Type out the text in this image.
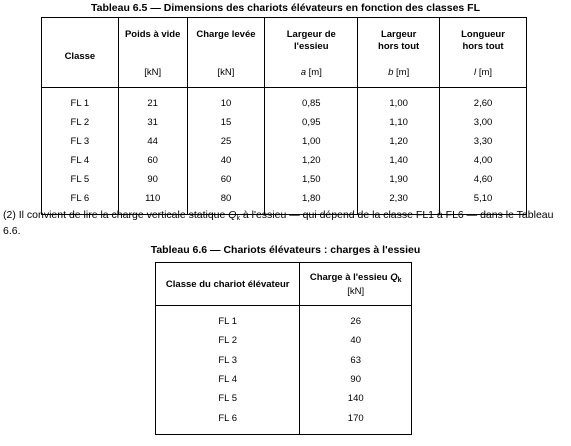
Tableau 6.5 — Dimensions des chariots élévateurs en fonction des classes FL

Classe	Poids à vide	Charge levée	Largeur de l'essieu	Largeur hors tout	Longueur hors tout
	[kN]	[kN]	a [m]	b [m]	l [m]
FL 1	21	10	0,85	1,00	2,60
FL 2	31	15	0,95	1,10	3,00
FL 3	44	25	1,00	1,20	3,30
FL 4	60	40	1,20	1,40	4,00
FL 5	90	60	1,50	1,90	4,60
FL 6	110	80	1,80	2,30	5,10

(2) Il convient de lire la charge verticale statique $Q_k$ à l'essieu — qui dépend de la classe FL1 à FL6 — dans le Tableau 6.6.

Tableau 6.6 — Chariots élévateurs : charges à l'essieu

Classe du chariot élévateur	Charge à l'essieu $Q_k$
[kN]

FL 1	26
FL 2	40
FL 3	63
FL 4	90
FL 5	140
FL 6	170
